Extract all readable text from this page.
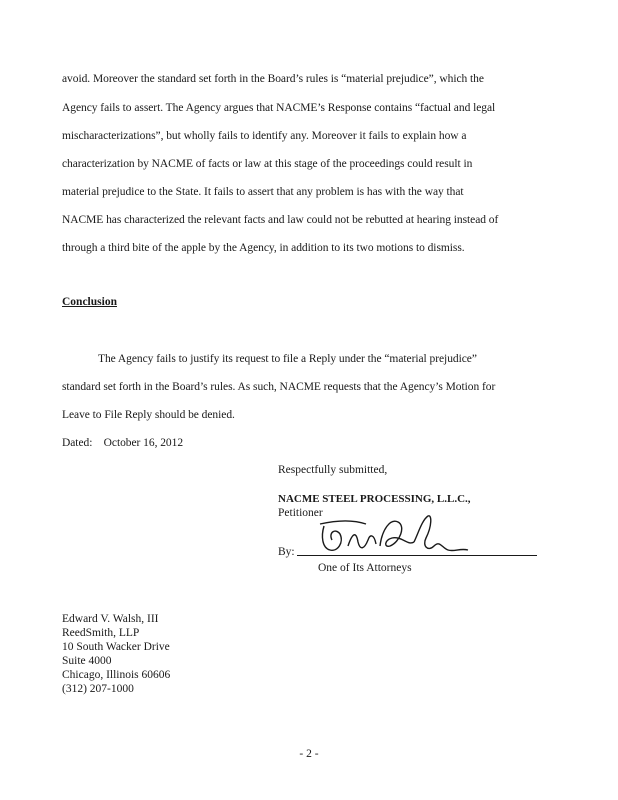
avoid. Moreover the standard set forth in the Board’s rules is “material prejudice”, which the
Agency fails to assert. The Agency argues that NACME’s Response contains “factual and legal
mischaracterizations”, but wholly fails to identify any. Moreover it fails to explain how a
characterization by NACME of facts or law at this stage of the proceedings could result in
material prejudice to the State. It fails to assert that any problem is has with the way that
NACME has characterized the relevant facts and law could not be rebutted at hearing instead of
through a third bite of the apple by the Agency, in addition to its two motions to dismiss.
Conclusion
The Agency fails to justify its request to file a Reply under the “material prejudice”
standard set forth in the Board’s rules. As such, NACME requests that the Agency’s Motion for
Leave to File Reply should be denied.
Dated:    October 16, 2012
Respectfully submitted,
NACME STEEL PROCESSING, L.L.C.,
Petitioner
By:
One of Its Attorneys
Edward V. Walsh, III
ReedSmith, LLP
10 South Wacker Drive
Suite 4000
Chicago, Illinois 60606
(312) 207-1000
- 2 -
